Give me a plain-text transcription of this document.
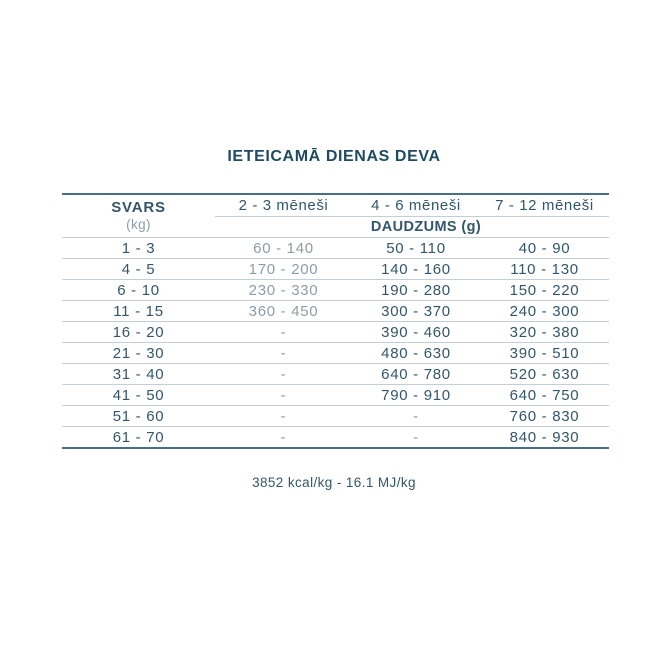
IETEICAMĀ DIENAS DEVA
SVARS
(kg)
2 - 3 mēneši	4 - 6 mēneši	7 - 12 mēneši
DAUDZUMS (g)
1 - 3	60 - 140	50 - 110	40 - 90
4 - 5	170 - 200	140 - 160	110 - 130
6 - 10	230 - 330	190 - 280	150 - 220
11 - 15	360 - 450	300 - 370	240 - 300
16 - 20	-	390 - 460	320 - 380
21 - 30	-	480 - 630	390 - 510
31 - 40	-	640 - 780	520 - 630
41 - 50	-	790 - 910	640 - 750
51 - 60	-	-	760 - 830
61 - 70	-	-	840 - 930
3852 kcal/kg - 16.1 MJ/kg
